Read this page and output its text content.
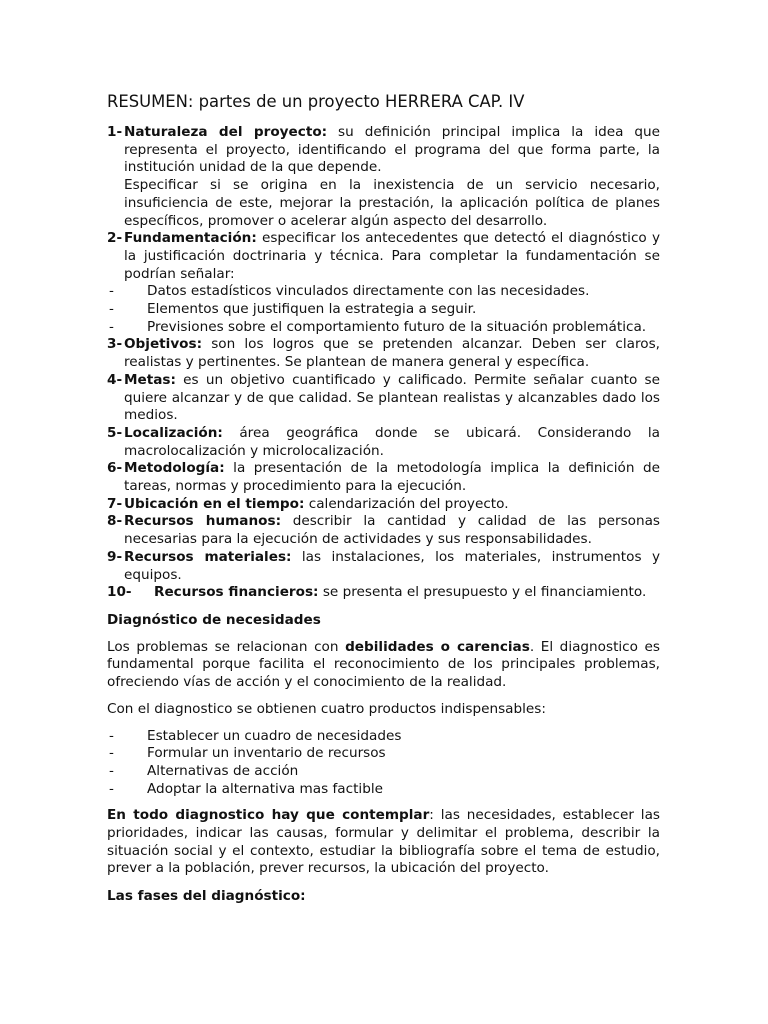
RESUMEN: partes de un proyecto HERRERA CAP. IV
1- Naturaleza del proyecto: su definición principal implica la idea que representa el proyecto, identificando el programa del que forma parte, la institución unidad de la que depende.
Especificar si se origina en la inexistencia de un servicio necesario, insuficiencia de este, mejorar la prestación, la aplicación política de planes específicos, promover o acelerar algún aspecto del desarrollo.
2- Fundamentación: especificar los antecedentes que detectó el diagnóstico y la justificación doctrinaria y técnica. Para completar la fundamentación se podrían señalar:
-	Datos estadísticos vinculados directamente con las necesidades.
-	Elementos que justifiquen la estrategia a seguir.
-	Previsiones sobre el comportamiento futuro de la situación problemática.
3- Objetivos: son los logros que se pretenden alcanzar. Deben ser claros, realistas y pertinentes. Se plantean de manera general y específica.
4- Metas: es un objetivo cuantificado y calificado. Permite señalar cuanto se quiere alcanzar y de que calidad. Se plantean realistas y alcanzables dado los medios.
5- Localización: área geográfica donde se ubicará. Considerando la macrolocalización y microlocalización.
6- Metodología: la presentación de la metodología implica la definición de tareas, normas y procedimiento para la ejecución.
7- Ubicación en el tiempo: calendarización del proyecto.
8- Recursos humanos: describir la cantidad y calidad de las personas necesarias para la ejecución de actividades y sus responsabilidades.
9- Recursos materiales: las instalaciones, los materiales, instrumentos y equipos.
10- Recursos financieros: se presenta el presupuesto y el financiamiento.
Diagnóstico de necesidades
Los problemas se relacionan con debilidades o carencias. El diagnostico es fundamental porque facilita el reconocimiento de los principales problemas, ofreciendo vías de acción y el conocimiento de la realidad.
Con el diagnostico se obtienen cuatro productos indispensables:
-	Establecer un cuadro de necesidades
-	Formular un inventario de recursos
-	Alternativas de acción
-	Adoptar la alternativa mas factible
En todo diagnostico hay que contemplar: las necesidades, establecer las prioridades, indicar las causas, formular y delimitar el problema, describir la situación social y el contexto, estudiar la bibliografía sobre el tema de estudio, prever a la población, prever recursos, la ubicación del proyecto.
Las fases del diagnóstico:
